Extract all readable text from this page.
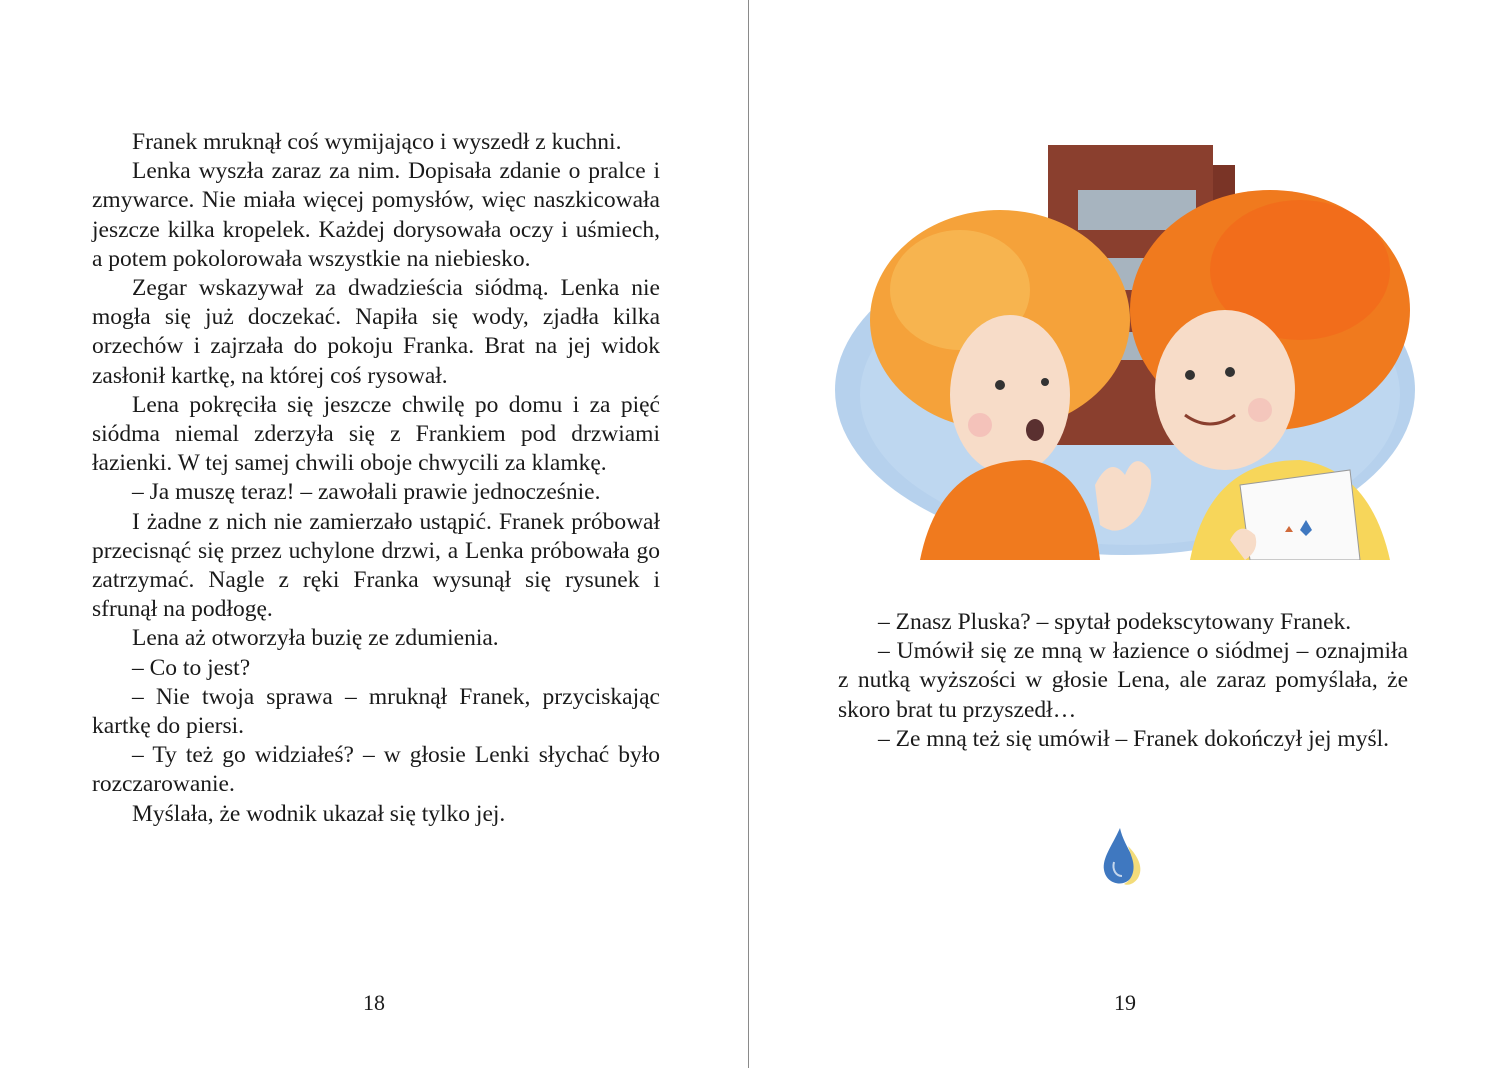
Franek mruknął coś wymijająco i wyszedł z kuchni.

Lenka wyszła zaraz za nim. Dopisała zdanie o pralce i zmywarce. Nie miała więcej pomysłów, więc naszkicowała jeszcze kilka kropelek. Każdej dorysowała oczy i uśmiech, a potem pokolorowała wszystkie na niebiesko.

Zegar wskazywał za dwadzieścia siódmą. Lenka nie mogła się już doczekać. Napiła się wody, zjadła kilka orzechów i zajrzała do pokoju Franka. Brat na jej widok zasłonił kartkę, na której coś rysował.

Lena pokręciła się jeszcze chwilę po domu i za pięć siódma niemal zderzyła się z Frankiem pod drzwiami łazienki. W tej samej chwili oboje chwycili za klamkę.

– Ja muszę teraz! – zawołali prawie jednocześnie.

I żadne z nich nie zamierzało ustąpić. Franek próbował przecisnąć się przez uchylone drzwi, a Lenka próbowała go zatrzymać. Nagle z ręki Franka wysunął się rysunek i sfrunął na podłogę.

Lena aż otworzyła buzię ze zdumienia.

– Co to jest?

– Nie twoja sprawa – mruknął Franek, przyciskając kartkę do piersi.

– Ty też go widziałeś? – w głosie Lenki słychać było rozczarowanie.

Myślała, że wodnik ukazał się tylko jej.

18

– Znasz Pluska? – spytał podekscytowany Franek.

– Umówił się ze mną w łazience o siódmej – oznajmiła z nutką wyższości w głosie Lena, ale zaraz pomyślała, że skoro brat tu przyszedł…

– Ze mną też się umówił – Franek dokończył jej myśl.

19
